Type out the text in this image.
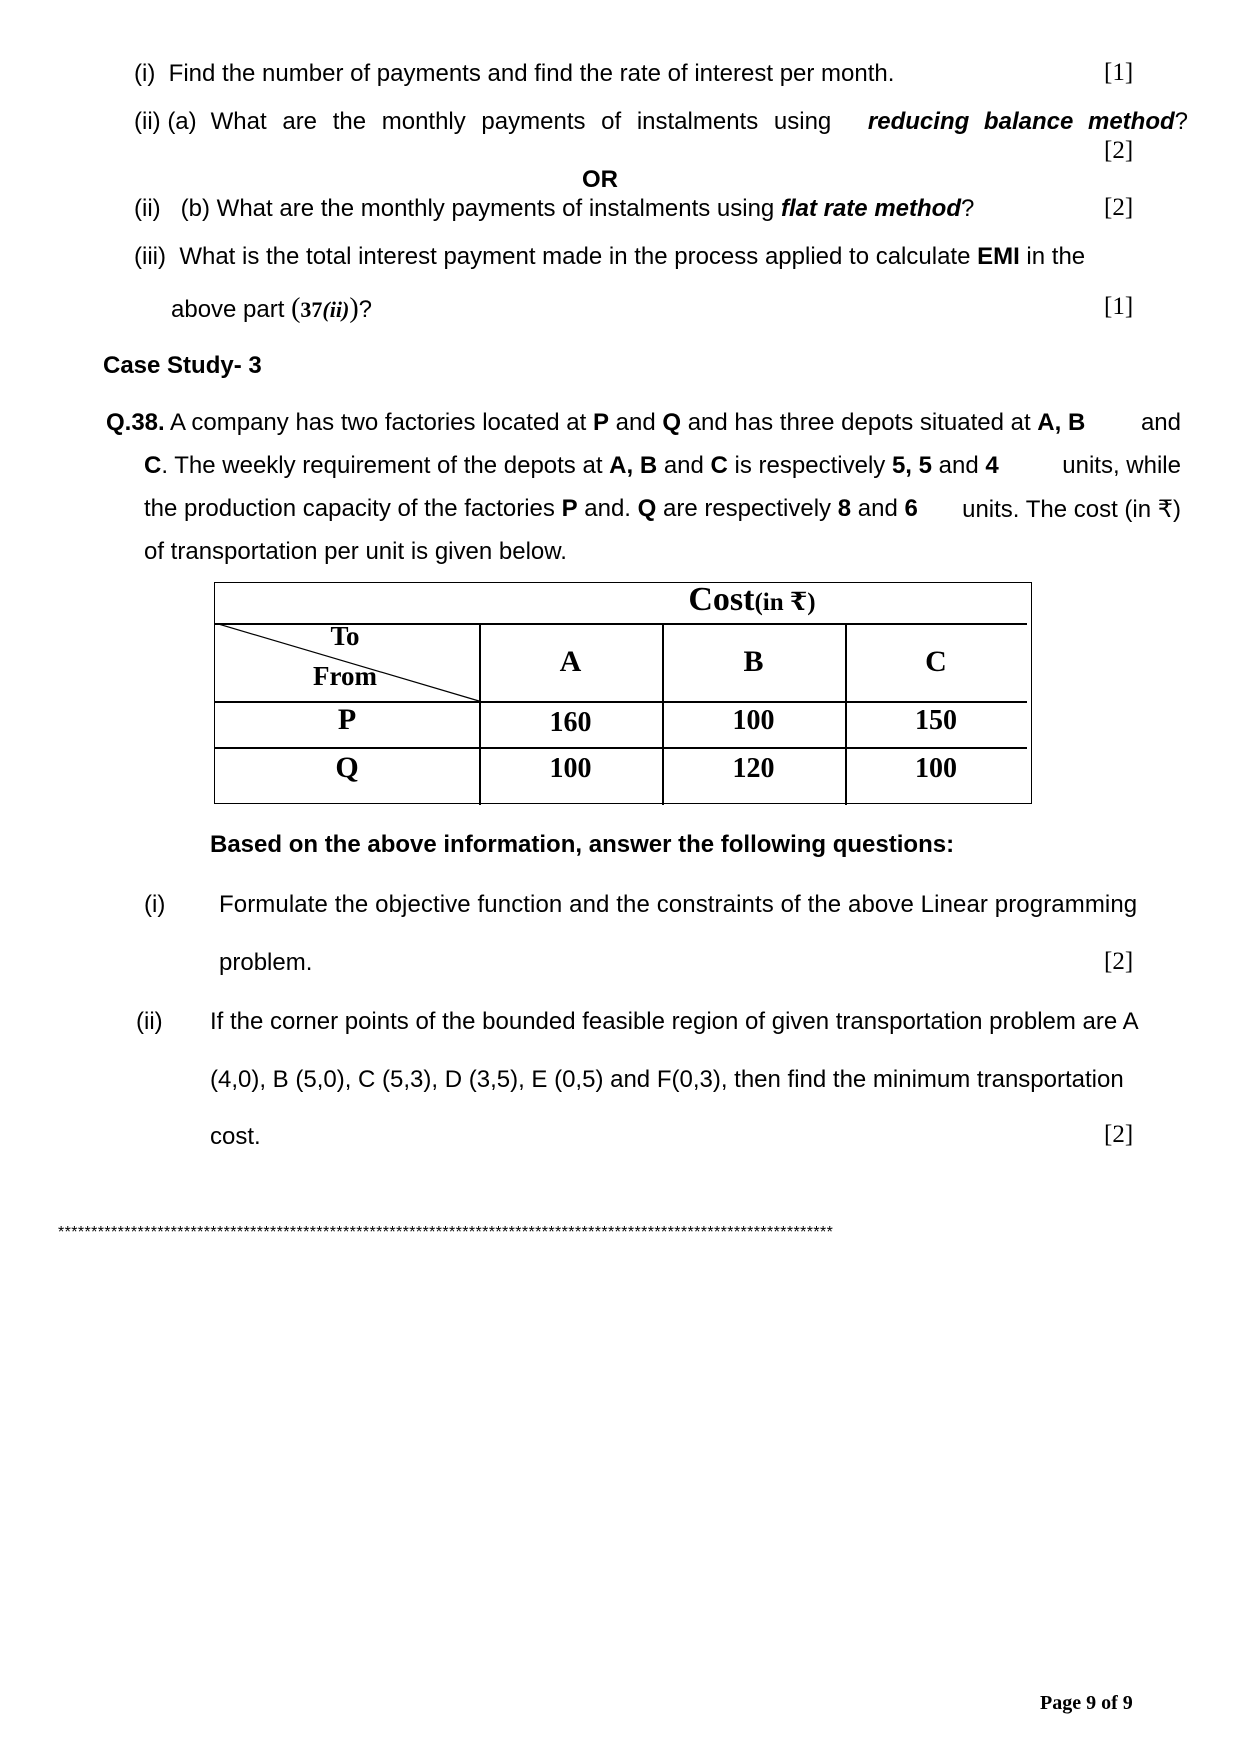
(i) Find the number of payments and find the rate of interest per month.	[1]
(ii) (a) What are the monthly payments of instalments using reducing balance method?
[2]
OR
(ii) (b) What are the monthly payments of instalments using flat rate method?	[2]
(iii) What is the total interest payment made in the process applied to calculate EMI in the
above part (37(ii))?	[1]
Case Study- 3
Q.38. A company has two factories located at P and Q and has three depots situated at A, B and
C. The weekly requirement of the depots at A, B and C is respectively 5, 5 and 4	units, while
the production capacity of the factories P and. Q are respectively 8 and 6 units. The cost (in ₹)
of transportation per unit is given below.
Cost(in ₹)
To
From	A	B	C
P	160	100	150
Q	100	120	100
Based on the above information, answer the following questions:
(i) Formulate the objective function and the constraints of the above Linear programming
problem.	[2]
(ii) If the corner points of the bounded feasible region of given transportation problem are A
(4,0), B (5,0), C (5,3), D (3,5), E (0,5) and F(0,3), then find the minimum transportation
cost.	[2]
*********************************************************************************************************************
Page 9 of 9
